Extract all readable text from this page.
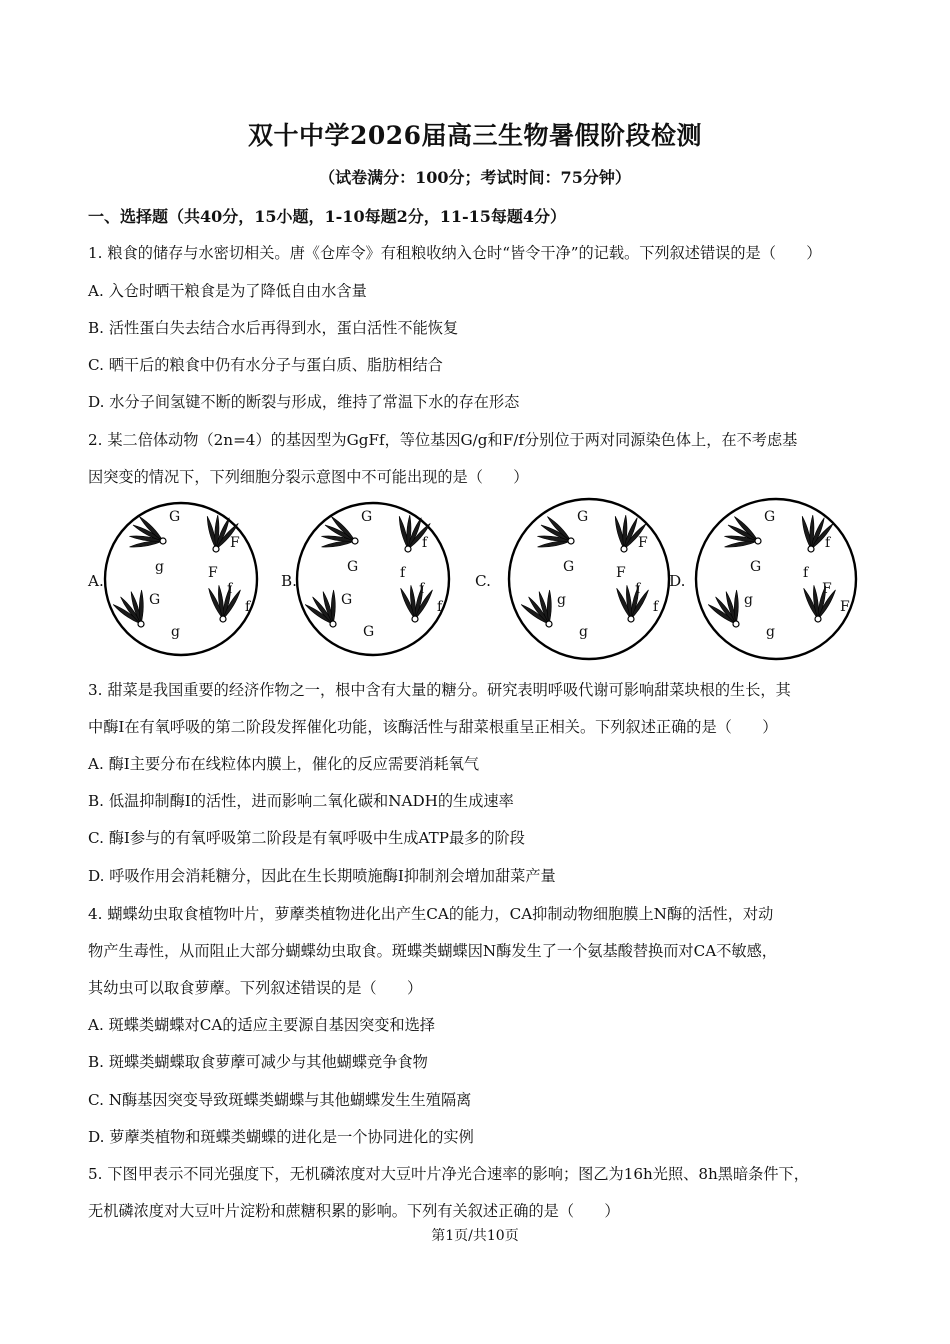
双十中学2026届高三生物暑假阶段检测
（试卷满分：100分；考试时间：75分钟）
一、选择题（共40分，15小题，1-10每题2分，11-15每题4分）
1. 粮食的储存与水密切相关。唐《仓库令》有租粮收纳入仓时“皆令干净”的记载。下列叙述错误的是（　　）
A. 入仓时晒干粮食是为了降低自由水含量
B. 活性蛋白失去结合水后再得到水，蛋白活性不能恢复
C. 晒干后的粮食中仍有水分子与蛋白质、脂肪相结合
D. 水分子间氢键不断的断裂与形成，维持了常温下水的存在形态
2. 某二倍体动物（2n=4）的基因型为GgFf，等位基因G/g和F/f分别位于两对同源染色体上，在不考虑基
因突变的情况下，下列细胞分裂示意图中不可能出现的是（　　）
A.	B.	C.	D.
G
g
F
F
G
g
f
f
G
G
f
f
G
G
f
f
G
G
F
F
g
g
f
f
G
G
f
f
g
g
F
F
3. 甜菜是我国重要的经济作物之一，根中含有大量的糖分。研究表明呼吸代谢可影响甜菜块根的生长，其
中酶Ⅰ在有氧呼吸的第二阶段发挥催化功能，该酶活性与甜菜根重呈正相关。下列叙述正确的是（　　）
A. 酶Ⅰ主要分布在线粒体内膜上，催化的反应需要消耗氧气
B. 低温抑制酶Ⅰ的活性，进而影响二氧化碳和NADH的生成速率
C. 酶Ⅰ参与的有氧呼吸第二阶段是有氧呼吸中生成ATP最多的阶段
D. 呼吸作用会消耗糖分，因此在生长期喷施酶Ⅰ抑制剂会增加甜菜产量
4. 蝴蝶幼虫取食植物叶片，萝藦类植物进化出产生CA的能力，CA抑制动物细胞膜上N酶的活性，对动
物产生毒性，从而阻止大部分蝴蝶幼虫取食。斑蝶类蝴蝶因N酶发生了一个氨基酸替换而对CA不敏感，
其幼虫可以取食萝藦。下列叙述错误的是（　　）
A. 斑蝶类蝴蝶对CA的适应主要源自基因突变和选择
B. 斑蝶类蝴蝶取食萝藦可减少与其他蝴蝶竞争食物
C. N酶基因突变导致斑蝶类蝴蝶与其他蝴蝶发生生殖隔离
D. 萝藦类植物和斑蝶类蝴蝶的进化是一个协同进化的实例
5. 下图甲表示不同光强度下，无机磷浓度对大豆叶片净光合速率的影响；图乙为16h光照、8h黑暗条件下，
无机磷浓度对大豆叶片淀粉和蔗糖积累的影响。下列有关叙述正确的是（　　）
第1页/共10页
